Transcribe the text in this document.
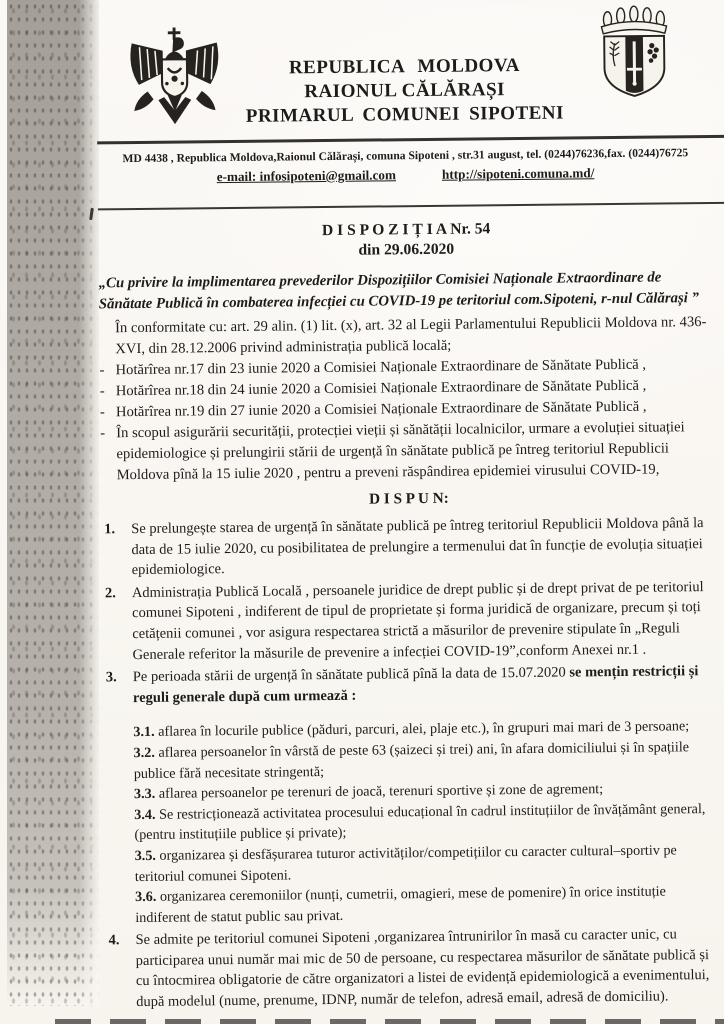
REPUBLICA MOLDOVA
RAIONUL CĂLĂRAȘI
PRIMARUL COMUNEI SIPOTENI
MD 4438 , Republica Moldova,Raionul Călărași, comuna Sipoteni , str.31 august, tel. (0244)76236,fax. (0244)76725
e-mail: infosipoteni@gmail.com	http://sipoteni.comuna.md/
D I S P O Z I Ț I A Nr. 54
din 29.06.2020
„Cu privire la implimentarea prevederilor Dispozițiilor Comisiei Naționale Extraordinare de Sănătate Publică în combaterea infecției cu COVID-19 pe teritoriul com.Sipoteni, r-nul Călărași ”
În conformitate cu: art. 29 alin. (1) lit. (x), art. 32 al Legii Parlamentului Republicii Moldova nr. 436-XVI, din 28.12.2006 privind administrația publică locală;
- Hotărîrea nr.17 din 23 iunie 2020 a Comisiei Naționale Extraordinare de Sănătate Publică ,
- Hotărîrea nr.18 din 24 iunie 2020 a Comisiei Naționale Extraordinare de Sănătate Publică ,
- Hotărîrea nr.19 din 27 iunie 2020 a Comisiei Naționale Extraordinare de Sănătate Publică ,
- În scopul asigurării securității, protecției vieții și sănătății localnicilor, urmare a evoluției situației epidemiologice și prelungirii stării de urgență în sănătate publică pe întreg teritoriul Republicii Moldova pînă la 15 iulie 2020 , pentru a preveni răspândirea epidemiei virusului COVID-19,
D I S P U N:
1.	Se prelungește starea de urgență în sănătate publică pe întreg teritoriul Republicii Moldova până la data de 15 iulie 2020, cu posibilitatea de prelungire a termenului dat în funcție de evoluția situației epidemiologice.
2.	Administrația Publică Locală , persoanele juridice de drept public și de drept privat de pe teritoriul comunei Sipoteni , indiferent de tipul de proprietate și forma juridică de organizare, precum și toți cetățenii comunei , vor asigura respectarea strictă a măsurilor de prevenire stipulate în „Reguli Generale referitor la măsurile de prevenire a infecției COVID-19”,conform Anexei nr.1 .
3.	Pe perioada stării de urgență în sănătate publică pînă la data de 15.07.2020 se mențin restricții și reguli generale după cum urmează :
3.1. aflarea în locurile publice (păduri, parcuri, alei, plaje etc.), în grupuri mai mari de 3 persoane;
3.2. aflarea persoanelor în vârstă de peste 63 (șaizeci și trei) ani, în afara domiciliului și în spațiile publice fără necesitate stringentă;
3.3. aflarea persoanelor pe terenuri de joacă, terenuri sportive și zone de agrement;
3.4. Se restricționează activitatea procesului educațional în cadrul instituțiilor de învățământ general, (pentru instituțiile publice și private);
3.5. organizarea și desfășurarea tuturor activităților/competițiilor cu caracter cultural–sportiv pe teritoriul comunei Sipoteni.
3.6. organizarea ceremoniilor (nunți, cumetrii, omagieri, mese de pomenire) în orice instituție indiferent de statut public sau privat.
4.	Se admite pe teritoriul comunei Sipoteni ,organizarea întrunirilor în masă cu caracter unic, cu participarea unui număr mai mic de 50 de persoane, cu respectarea măsurilor de sănătate publică și cu întocmirea obligatorie de către organizatori a listei de evidență epidemiologică a evenimentului, după modelul (nume, prenume, IDNP, număr de telefon, adresă email, adresă de domiciliu).
